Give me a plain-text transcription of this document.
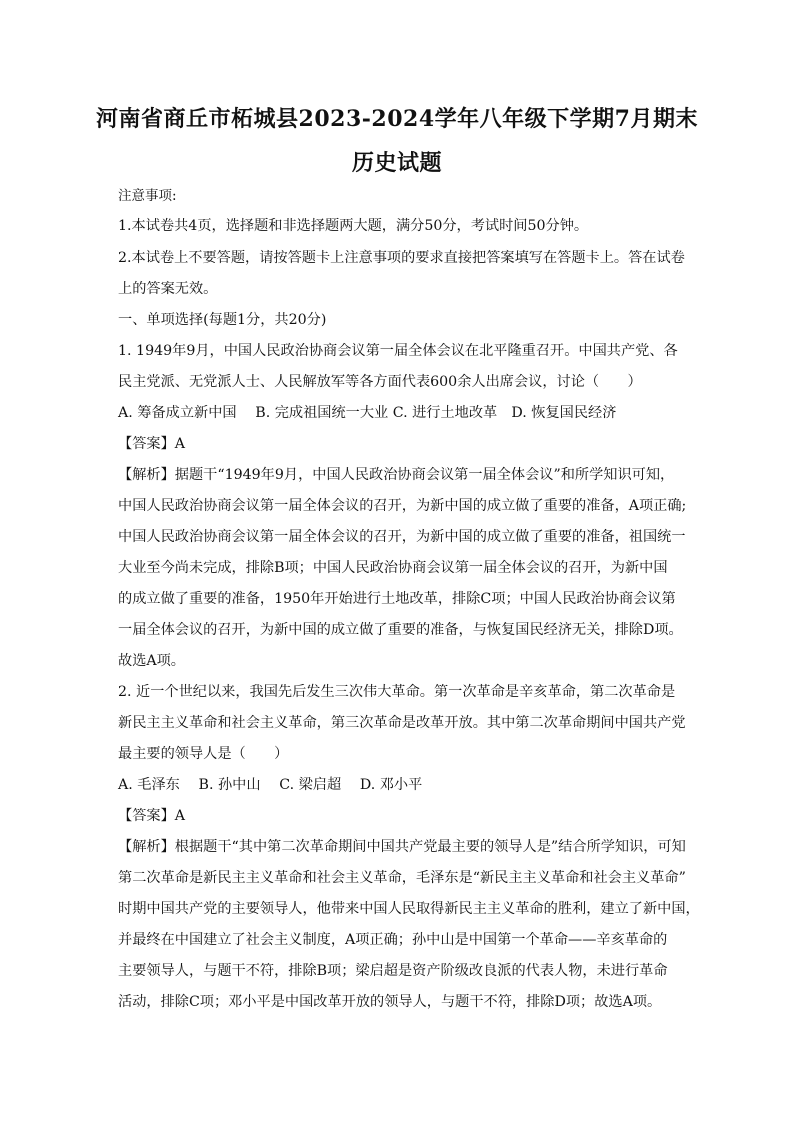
河南省商丘市柘城县2023-2024学年八年级下学期7月期末
历史试题
注意事项:
1.本试卷共4页，选择题和非选择题两大题，满分50分，考试时间50分钟。
2.本试卷上不要答题，请按答题卡上注意事项的要求直接把答案填写在答题卡上。答在试卷
上的答案无效。
一、单项选择(每题1分，共20分)
1. 1949年9月，中国人民政治协商会议第一届全体会议在北平隆重召开。中国共产党、各
民主党派、无党派人士、人民解放军等各方面代表600余人出席会议，讨论（　　）
A. 筹备成立新中国　 B. 完成祖国统一大业 C. 进行土地改革　D. 恢复国民经济
【答案】A
【解析】据题干“1949年9月，中国人民政治协商会议第一届全体会议”和所学知识可知，
中国人民政治协商会议第一届全体会议的召开，为新中国的成立做了重要的准备，A项正确;
中国人民政治协商会议第一届全体会议的召开，为新中国的成立做了重要的准备，祖国统一
大业至今尚未完成，排除B项；中国人民政治协商会议第一届全体会议的召开，为新中国
的成立做了重要的准备，1950年开始进行土地改革，排除C项；中国人民政治协商会议第
一届全体会议的召开，为新中国的成立做了重要的准备，与恢复国民经济无关，排除D项。
故选A项。
2. 近一个世纪以来，我国先后发生三次伟大革命。第一次革命是辛亥革命，第二次革命是
新民主主义革命和社会主义革命，第三次革命是改革开放。其中第二次革命期间中国共产党
最主要的领导人是（　　）
A. 毛泽东　 B. 孙中山　 C. 梁启超　 D. 邓小平
【答案】A
【解析】根据题干“其中第二次革命期间中国共产党最主要的领导人是”结合所学知识，可知
第二次革命是新民主主义革命和社会主义革命，毛泽东是“新民主主义革命和社会主义革命”
时期中国共产党的主要领导人，他带来中国人民取得新民主主义革命的胜利，建立了新中国，
并最终在中国建立了社会主义制度，A项正确；孙中山是中国第一个革命——辛亥革命的
主要领导人，与题干不符，排除B项；梁启超是资产阶级改良派的代表人物，未进行革命
活动，排除C项；邓小平是中国改革开放的领导人，与题干不符，排除D项；故选A项。
